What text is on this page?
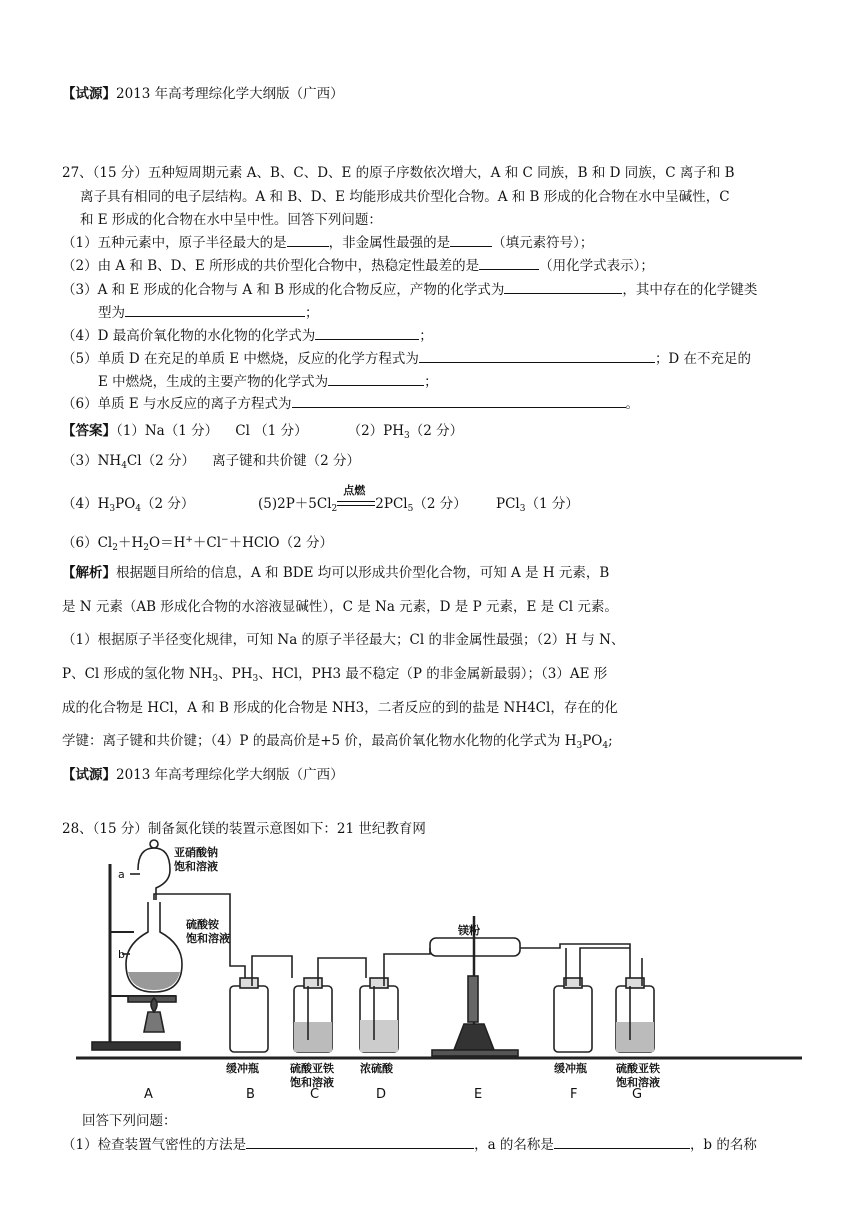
【试源】2013 年高考理综化学大纲版（广西）
27、（15 分）五种短周期元素 A、B、C、D、E 的原子序数依次增大，A 和 C 同族，B 和 D 同族，C 离子和 B
离子具有相同的电子层结构。A 和 B、D、E 均能形成共价型化合物。A 和 B 形成的化合物在水中呈碱性，C
和 E 形成的化合物在水中呈中性。回答下列问题：
（1）五种元素中，原子半径最大的是	，非金属性最强的是	（填元素符号）；
（2）由 A 和 B、D、E 所形成的共价型化合物中，热稳定性最差的是	（用化学式表示）；
（3）A 和 E 形成的化合物与 A 和 B 形成的化合物反应，产物的化学式为	，其中存在的化学键类
型为	；
（4）D 最高价氧化物的水化物的化学式为	；
（5）单质 D 在充足的单质 E 中燃烧，反应的化学方程式为	；D 在不充足的
E 中燃烧，生成的主要产物的化学式为	；
（6）单质 E 与水反应的离子方程式为	。
【答案】（1）Na（1 分）    Cl （1 分）	$(2)PH_3(2$ 分）
$(3)NH_4Cl(2$ 分）    离子键和共价键（2 分）
$(4)H_3PO_4(2$ 分）	$(5)2P+5Cl_2$
点燃
2PCl$_5$（2 分） PCl$_3$（1 分）
$(6)Cl_2+H_2O=H^++Cl^-+HClO(2$ 分）
【解析】根据题目所给的信息，A 和 BDE 均可以形成共价型化合物，可知 A 是 H 元素，B
是 N 元素（AB 形成化合物的水溶液显碱性），C 是 Na 元素，D 是 P 元素，E 是 Cl 元素。
（1）根据原子半径变化规律，可知 Na 的原子半径最大；Cl 的非金属性最强；（2）H 与 N、
P、Cl 形成的氢化物 $NH_3$、$PH_3$、HCl，PH3 最不稳定（P 的非金属新最弱）；（3）AE 形
成的化合物是 HCl，A 和 B 形成的化合物是 NH3，二者反应的到的盐是 NH4Cl，存在的化
学键：离子键和共价键；（4）P 的最高价是+5 价，最高价氧化物水化物的化学式为 $H_3PO_4$;
【试源】2013 年高考理综化学大纲版（广西）
28、（15 分）制备氮化镁的装置示意图如下：21 世纪教育网
a
b
亚硝酸钠
饱和溶液
硫酸铵
饱和溶液
镁粉
缓冲瓶	硫酸亚铁
饱和溶液
浓硫酸	缓冲瓶	硫酸亚铁
饱和溶液
A	B	C	D	E	F	G
回答下列问题：
（1）检查装置气密性的方法是	，a 的名称是	，b 的名称
